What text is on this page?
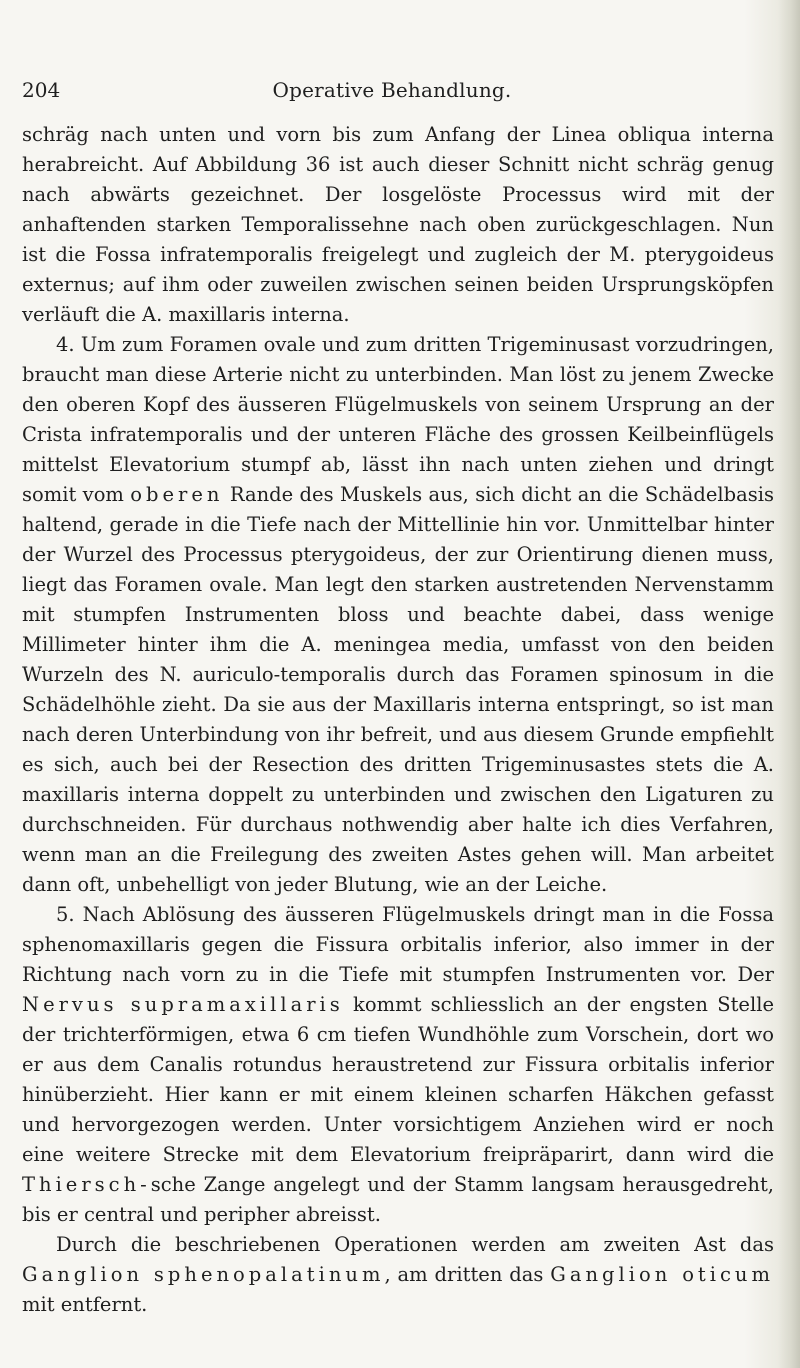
204	Operative Behandlung.

schräg nach unten und vorn bis zum Anfang der Linea obliqua interna herabreicht. Auf Abbildung 36 ist auch dieser Schnitt nicht schräg genug nach abwärts gezeichnet. Der losgelöste Processus wird mit der anhaftenden starken Temporalissehne nach oben zurückgeschlagen. Nun ist die Fossa infratemporalis freigelegt und zugleich der M. pterygoideus externus; auf ihm oder zuweilen zwischen seinen beiden Ursprungsköpfen verläuft die A. maxillaris interna.

4. Um zum Foramen ovale und zum dritten Trigeminusast vorzudringen, braucht man diese Arterie nicht zu unterbinden. Man löst zu jenem Zwecke den oberen Kopf des äusseren Flügelmuskels von seinem Ursprung an der Crista infratemporalis und der unteren Fläche des grossen Keilbeinflügels mittelst Elevatorium stumpf ab, lässt ihn nach unten ziehen und dringt somit vom oberen Rande des Muskels aus, sich dicht an die Schädelbasis haltend, gerade in die Tiefe nach der Mittellinie hin vor. Unmittelbar hinter der Wurzel des Processus pterygoideus, der zur Orientirung dienen muss, liegt das Foramen ovale. Man legt den starken austretenden Nervenstamm mit stumpfen Instrumenten bloss und beachte dabei, dass wenige Millimeter hinter ihm die A. meningea media, umfasst von den beiden Wurzeln des N. auriculo-temporalis durch das Foramen spinosum in die Schädelhöhle zieht. Da sie aus der Maxillaris interna entspringt, so ist man nach deren Unterbindung von ihr befreit, und aus diesem Grunde empfiehlt es sich, auch bei der Resection des dritten Trigeminusastes stets die A. maxillaris interna doppelt zu unterbinden und zwischen den Ligaturen zu durchschneiden. Für durchaus nothwendig aber halte ich dies Verfahren, wenn man an die Freilegung des zweiten Astes gehen will. Man arbeitet dann oft, unbehelligt von jeder Blutung, wie an der Leiche.

5. Nach Ablösung des äusseren Flügelmuskels dringt man in die Fossa sphenomaxillaris gegen die Fissura orbitalis inferior, also immer in der Richtung nach vorn zu in die Tiefe mit stumpfen Instrumenten vor. Der Nervus supramaxillaris kommt schliesslich an der engsten Stelle der trichterförmigen, etwa 6 cm tiefen Wundhöhle zum Vorschein, dort wo er aus dem Canalis rotundus heraustretend zur Fissura orbitalis inferior hinüberzieht. Hier kann er mit einem kleinen scharfen Häkchen gefasst und hervorgezogen werden. Unter vorsichtigem Anziehen wird er noch eine weitere Strecke mit dem Elevatorium freipräparirt, dann wird die Thiersch-sche Zange angelegt und der Stamm langsam herausgedreht, bis er central und peripher abreisst.

Durch die beschriebenen Operationen werden am zweiten Ast das Ganglion sphenopalatinum, am dritten das Ganglion oticum mit entfernt.
